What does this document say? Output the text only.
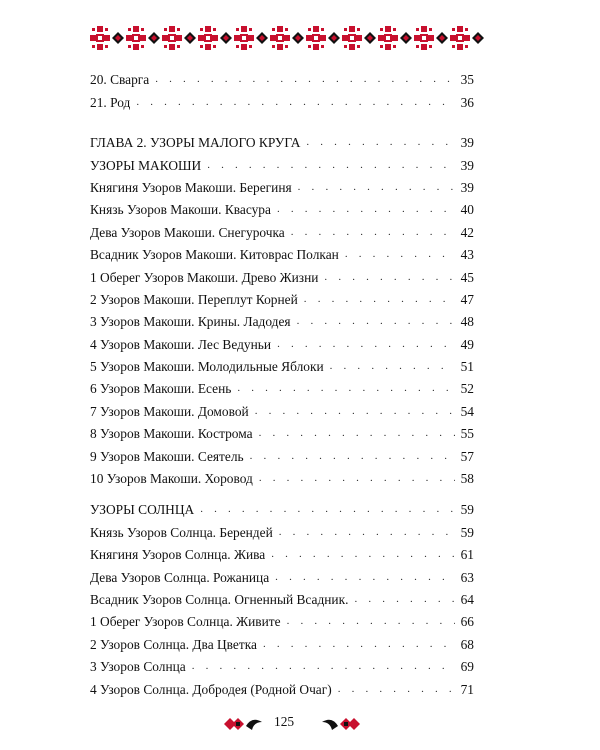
20. Сварга . . .	35
21. Род . . .	36
ГЛАВА 2. УЗОРЫ МАЛОГО КРУГА . . .	39
УЗОРЫ МАКОШИ . . .	39
Княгиня Узоров Макоши. Берегиня . . .	39
Князь Узоров Макоши. Квасура . . .	40
Дева Узоров Макоши. Снегурочка . . .	42
Всадник Узоров Макоши. Китоврас Полкан . . .	43
1 Оберег Узоров Макоши. Древо Жизни . . .	45
2 Узоров Макоши. Переплут Корней . . .	47
3 Узоров Макоши. Крины. Ладодея . . .	48
4 Узоров Макоши. Лес Ведуньи . . .	49
5 Узоров Макоши. Молодильные Яблоки . . .	51
6 Узоров Макоши. Есень . . .	52
7 Узоров Макоши. Домовой . . .	54
8 Узоров Макоши. Кострома . . .	55
9 Узоров Макоши. Сеятель . . .	57
10 Узоров Макоши. Хоровод . . .	58
УЗОРЫ СОЛНЦА . . .	59
Князь Узоров Солнца. Берендей . . .	59
Княгиня Узоров Солнца. Жива . . .	61
Дева Узоров Солнца. Рожаница . . .	63
Всадник Узоров Солнца. Огненный Всадник. . . .	64
1 Оберег Узоров Солнца. Живите . . .	66
2 Узоров Солнца. Два Цветка . . .	68
3 Узоров Солнца . . .	69
4 Узоров Солнца. Добродея (Родной Очаг) . . .	71
125
